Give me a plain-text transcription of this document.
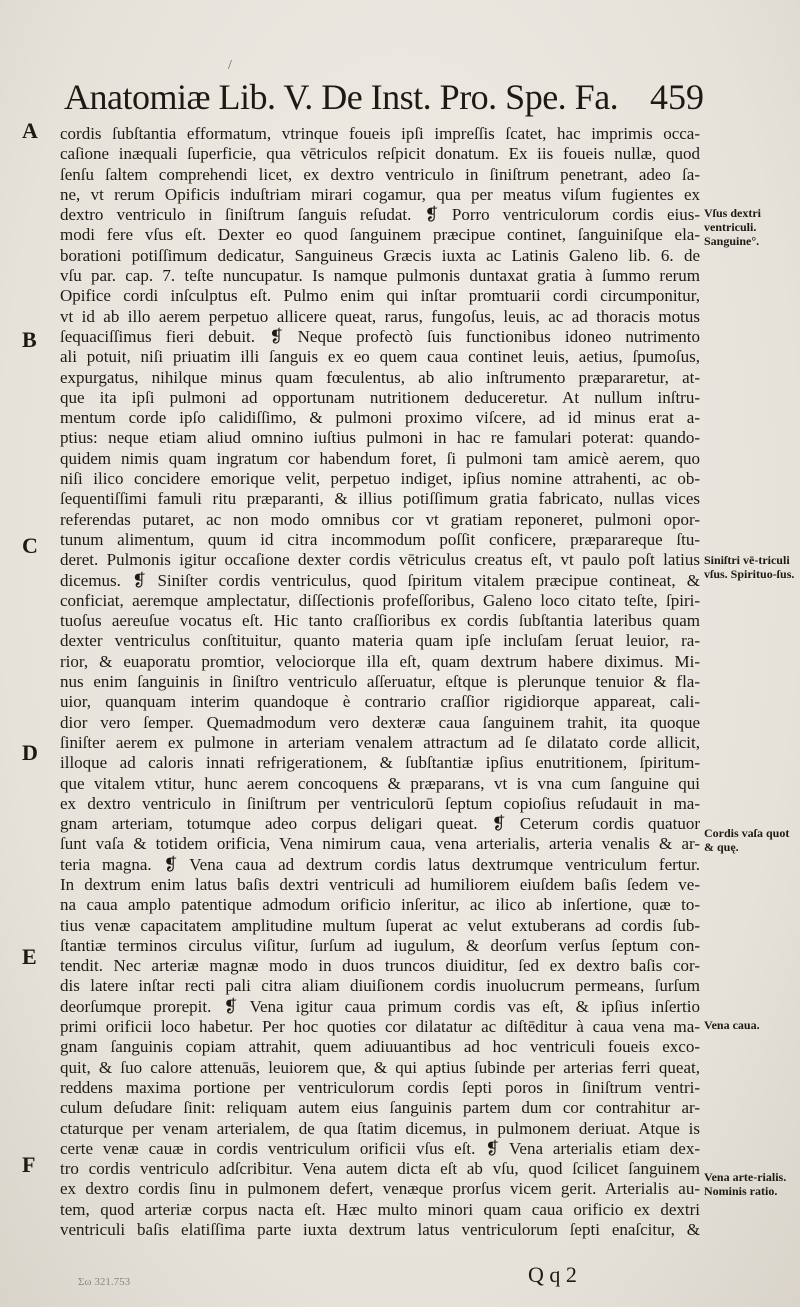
Anatomiæ Lib. V. De Inst. Pro. Spe. Fa. 459
/
A
B
C
D
E
F
cordis ſubſtantia efformatum, vtrinque foueis ipſi impreſſis ſcatet, hac imprimis occa-
caſione inæquali ſuperficie, qua vētriculos reſpicit donatum. Ex iis foueis nullæ, quod
ſenſu ſaltem comprehendi licet, ex dextro ventriculo in ſiniſtrum penetrant, adeo ſa-
ne, vt rerum Opificis induſtriam mirari cogamur, qua per meatus viſum fugientes ex
dextro ventriculo in ſiniſtrum ſanguis reſudat. ❡ Porro ventriculorum cordis eius-
modi fere vſus eſt. Dexter eo quod ſanguinem præcipue continet, ſanguiniſque ela-
borationi potiſſimum dedicatur, Sanguineus Græcis iuxta ac Latinis Galeno lib. 6. de
vſu par. cap. 7. teſte nuncupatur. Is namque pulmonis duntaxat gratia à ſummo rerum
Opifice cordi inſculptus eſt. Pulmo enim qui inſtar promtuarii cordi circumponitur,
vt id ab illo aerem perpetuo allicere queat, rarus, fungoſus, leuis, ac ad thoracis motus
ſequaciſſimus fieri debuit. ❡ Neque profectò ſuis functionibus idoneo nutrimento
ali potuit, niſi priuatim illi ſanguis ex eo quem caua continet leuis, aetius, ſpumoſus,
expurgatus, nihilque minus quam fœculentus, ab alio inſtrumento præpararetur, at-
que ita ipſi pulmoni ad opportunam nutritionem deduceretur. At nullum inſtru-
mentum corde ipſo calidiſſimo, & pulmoni proximo viſcere, ad id minus erat a-
ptius: neque etiam aliud omnino iuſtius pulmoni in hac re famulari poterat: quando-
quidem nimis quam ingratum cor habendum foret, ſi pulmoni tam amicè aerem, quo
niſi ilico concidere emorique velit, perpetuo indiget, ipſius nomine attrahenti, ac ob-
ſequentiſſimi famuli ritu præparanti, & illius potiſſimum gratia fabricato, nullas vices
referendas putaret, ac non modo omnibus cor vt gratiam reponeret, pulmoni opor-
tunum alimentum, quum id citra incommodum poſſit conficere, præparareque ſtu-
deret. Pulmonis igitur occaſione dexter cordis vētriculus creatus eſt, vt paulo poſt latius
dicemus. ❡ Siniſter cordis ventriculus, quod ſpiritum vitalem præcipue contineat, &
conficiat, aeremque amplectatur, diſſectionis profeſſoribus, Galeno loco citato teſte, ſpiri-
tuoſus aereuſue vocatus eſt. Hic tanto craſſioribus ex cordis ſubſtantia lateribus quam
dexter ventriculus conſtituitur, quanto materia quam ipſe incluſam ſeruat leuior, ra-
rior, & euaporatu promtior, velociorque illa eſt, quam dextrum habere diximus. Mi-
nus enim ſanguinis in ſiniſtro ventriculo aſſeruatur, eſtque is plerunque tenuior & fla-
uior, quanquam interim quandoque è contrario craſſior rigidiorque appareat, cali-
dior vero ſemper. Quemadmodum vero dexteræ caua ſanguinem trahit, ita quoque
ſiniſter aerem ex pulmone in arteriam venalem attractum ad ſe dilatato corde allicit,
illoque ad caloris innati refrigerationem, & ſubſtantiæ ipſius enutritionem, ſpiritum-
que vitalem vtitur, hunc aerem concoquens & præparans, vt is vna cum ſanguine qui
ex dextro ventriculo in ſiniſtrum per ventriculorū ſeptum copioſius reſudauit in ma-
gnam arteriam, totumque adeo corpus deligari queat. ❡ Ceterum cordis quatuor
ſunt vaſa & totidem orificia, Vena nimirum caua, vena arterialis, arteria venalis & ar-
teria magna. ❡ Vena caua ad dextrum cordis latus dextrumque ventriculum fertur.
In dextrum enim latus baſis dextri ventriculi ad humiliorem eiuſdem baſis ſedem ve-
na caua amplo patentique admodum orificio inſeritur, ac ilico ab inſertione, quæ to-
tius venæ capacitatem amplitudine multum ſuperat ac velut extuberans ad cordis ſub-
ſtantiæ terminos circulus viſitur, ſurſum ad iugulum, & deorſum verſus ſeptum con-
tendit. Nec arteriæ magnæ modo in duos truncos diuiditur, ſed ex dextro baſis cor-
dis latere inſtar recti pali citra aliam diuiſionem cordis inuolucrum permeans, ſurſum
deorſumque prorepit. ❡ Vena igitur caua primum cordis vas eſt, & ipſius inſertio
primi orificii loco habetur. Per hoc quoties cor dilatatur ac diſtēditur à caua vena ma-
gnam ſanguinis copiam attrahit, quem adiuuantibus ad hoc ventriculi foueis exco-
quit, & ſuo calore attenuās, leuiorem que, & qui aptius ſubinde per arterias ferri queat,
reddens maxima portione per ventriculorum cordis ſepti poros in ſiniſtrum ventri-
culum deſudare ſinit: reliquam autem eius ſanguinis partem dum cor contrahitur ar-
ctaturque per venam arterialem, de qua ſtatim dicemus, in pulmonem deriuat. Atque is
certe venæ cauæ in cordis ventriculum orificii vſus eſt. ❡ Vena arterialis etiam dex-
tro cordis ventriculo adſcribitur. Vena autem dicta eſt ab vſu, quod ſcilicet ſanguinem
ex dextro cordis ſinu in pulmonem defert, venæque prorſus vicem gerit. Arterialis au-
tem, quod arteriæ corpus nacta eſt. Hæc multo minori quam caua orificio ex dextri
ventriculi baſis elatiſſima parte iuxta dextrum latus ventriculorum ſepti enaſcitur, &
Vſus dextri ventriculi. Sanguine°.
Siniſtri vē-triculi vſus. Spirituo-ſus.
Cordis vaſa quot & quę.
Vena caua.
Vena arte-rialis. Nominis ratio.
Σω 321.753	Q q 2
